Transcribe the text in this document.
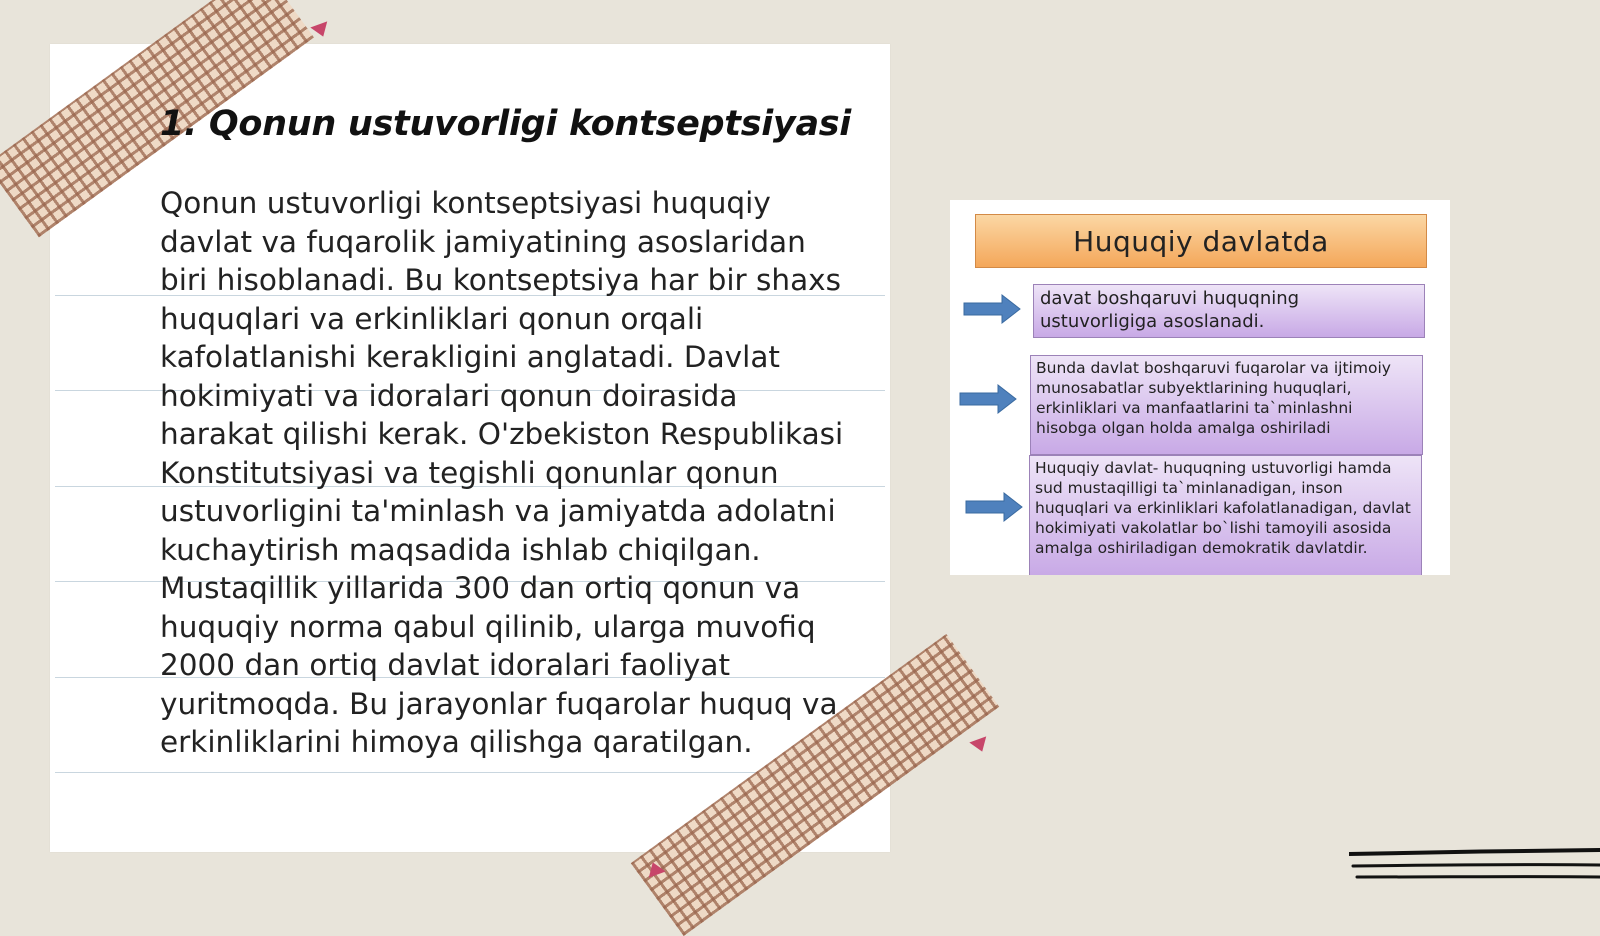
1. Qonun ustuvorligi kontseptsiyasi

Qonun ustuvorligi kontseptsiyasi huquqiy davlat va fuqarolik jamiyatining asoslaridan biri hisoblanadi. Bu kontseptsiya har bir shaxs huquqlari va erkinliklari qonun orqali kafolatlanishi kerakligini anglatadi. Davlat hokimiyati va idoralari qonun doirasida harakat qilishi kerak. O'zbekiston Respublikasi Konstitutsiyasi va tegishli qonunlar qonun ustuvorligini ta'minlash va jamiyatda adolatni kuchaytirish maqsadida ishlab chiqilgan. Mustaqillik yillarida 300 dan ortiq qonun va huquqiy norma qabul qilinib, ularga muvofiq 2000 dan ortiq davlat idoralari faoliyat yuritmoqda. Bu jarayonlar fuqarolar huquq va erkinliklarini himoya qilishga qaratilgan.

Huquqiy davlatda
davat boshqaruvi huquqning ustuvorligiga asoslanadi.
Bunda davlat boshqaruvi fuqarolar va ijtimoiy munosabatlar subyektlarining huquqlari, erkinliklari va manfaatlarini ta`minlashni hisobga olgan holda amalga oshiriladi
Huquqiy davlat- huquqning ustuvorligi hamda sud mustaqilligi ta`minlanadigan, inson huquqlari va erkinliklari kafolatlanadigan, davlat hokimiyati vakolatlar bo`lishi tamoyili asosida amalga oshiriladigan demokratik davlatdir.
